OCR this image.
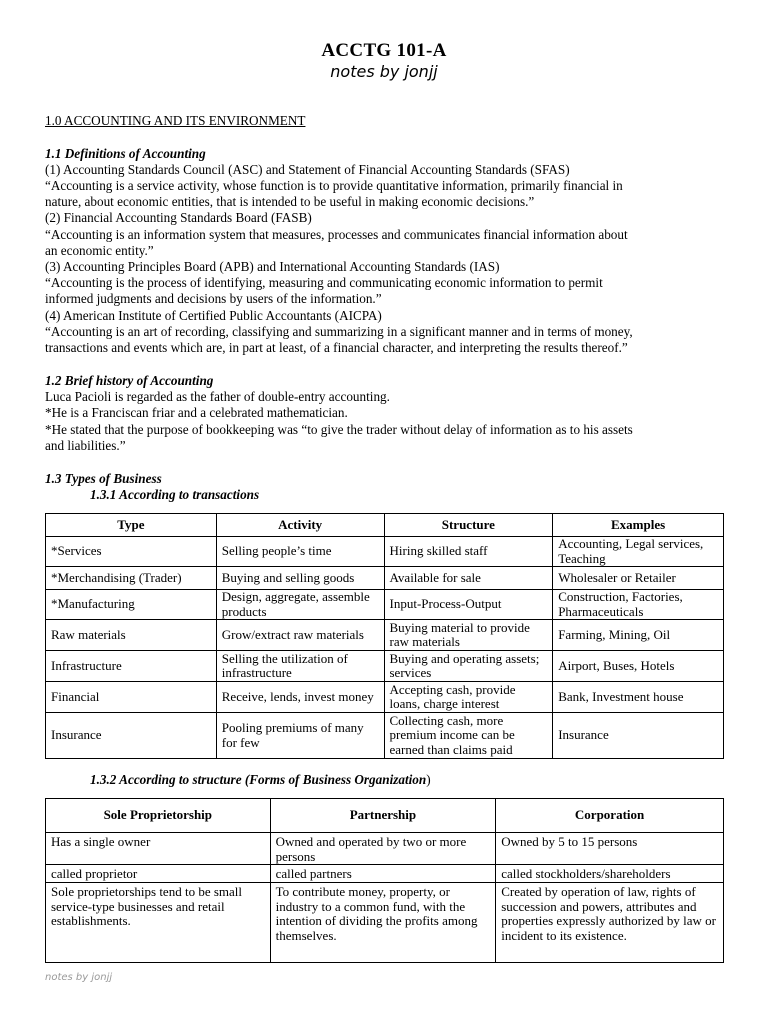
ACCTG 101-A
notes by jonjj
1.0 ACCOUNTING AND ITS ENVIRONMENT
1.1 Definitions of Accounting
(1) Accounting Standards Council (ASC) and Statement of Financial Accounting Standards (SFAS)
“Accounting is a service activity, whose function is to provide quantitative information, primarily financial in
nature, about economic entities, that is intended to be useful in making economic decisions.”
(2) Financial Accounting Standards Board (FASB)
“Accounting is an information system that measures, processes and communicates financial information about
an economic entity.”
(3) Accounting Principles Board (APB) and International Accounting Standards (IAS)
“Accounting is the process of identifying, measuring and communicating economic information to permit
informed judgments and decisions by users of the information.”
(4) American Institute of Certified Public Accountants (AICPA)
“Accounting is an art of recording, classifying and summarizing in a significant manner and in terms of money,
transactions and events which are, in part at least, of a financial character, and interpreting the results thereof.”
1.2 Brief history of Accounting
Luca Pacioli is regarded as the father of double-entry accounting.
*He is a Franciscan friar and a celebrated mathematician.
*He stated that the purpose of bookkeeping was “to give the trader without delay of information as to his assets
and liabilities.”
1.3 Types of Business
1.3.1 According to transactions
Type	Activity	Structure	Examples
*Services	Selling people’s time	Hiring skilled staff	Accounting, Legal services, Teaching
*Merchandising (Trader)	Buying and selling goods	Available for sale	Wholesaler or Retailer
*Manufacturing	Design, aggregate, assemble products	Input-Process-Output	Construction, Factories, Pharmaceuticals
Raw materials	Grow/extract raw materials	Buying material to provide raw materials	Farming, Mining, Oil
Infrastructure	Selling the utilization of infrastructure	Buying and operating assets; services	Airport, Buses, Hotels
Financial	Receive, lends, invest money	Accepting cash, provide loans, charge interest	Bank, Investment house
Insurance	Pooling premiums of many for few	Collecting cash, more premium income can be earned than claims paid	Insurance
1.3.2 According to structure (Forms of Business Organization)
Sole Proprietorship	Partnership	Corporation
Has a single owner	Owned and operated by two or more persons	Owned by 5 to 15 persons
called proprietor	called partners	called stockholders/shareholders
Sole proprietorships tend to be small service-type businesses and retail establishments.	To contribute money, property, or industry to a common fund, with the intention of dividing the profits among themselves.	Created by operation of law, rights of succession and powers, attributes and properties expressly authorized by law or incident to its existence.
notes by jonjj
